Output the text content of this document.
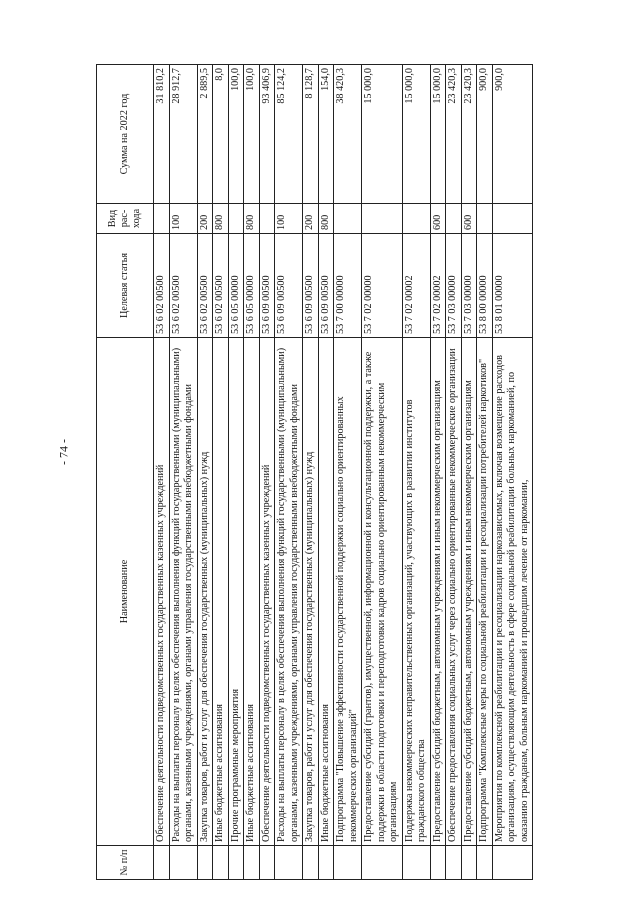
- 74 -
№ п/п	Наименование	Целевая статья	Вид рас-хода	Сумма на 2022 год
	Обеспечение деятельности подведомственных государственных казенных учреждений	53 6 02 00500		31 810,2
	Расходы на выплаты персоналу в целях обеспечения выполнения функций государственными (муниципальными) органами, казенными учреждениями, органами управления государственными внебюджетными фондами	53 6 02 00500	100	28 912,7
	Закупка товаров, работ и услуг для обеспечения государственных (муниципальных) нужд	53 6 02 00500	200	2 889,5
	Иные бюджетные ассигнования	53 6 02 00500	800	8,0
	Прочие программные мероприятия	53 6 05 00000		100,0
	Иные бюджетные ассигнования	53 6 05 00000	800	100,0
	Обеспечение деятельности подведомственных государственных казенных учреждений	53 6 09 00500		93 406,9
	Расходы на выплаты персоналу в целях обеспечения выполнения функций государственными (муниципальными) органами, казенными учреждениями, органами управления государственными внебюджетными фондами	53 6 09 00500	100	85 124,2
	Закупка товаров, работ и услуг для обеспечения государственных (муниципальных) нужд	53 6 09 00500	200	8 128,7
	Иные бюджетные ассигнования	53 6 09 00500	800	154,0
	Подпрограмма "Повышение эффективности государственной поддержки социально ориентированных некоммерческих организаций"	53 7 00 00000		38 420,3
	Предоставление субсидий (грантов), имущественной, информационной и консультационной поддержки, а также поддержки в области подготовки и переподготовки кадров социально ориентированным некоммерческим организациям	53 7 02 00000		15 000,0
	Поддержка некоммерческих неправительственных организаций, участвующих в развитии институтов гражданского общества	53 7 02 00002		15 000,0
	Предоставление субсидий бюджетным, автономным учреждениям и иным некоммерческим организациям	53 7 02 00002	600	15 000,0
	Обеспечение предоставления социальных услуг через социально ориентированные некоммерческие организации	53 7 03 00000		23 420,3
	Предоставление субсидий бюджетным, автономным учреждениям и иным некоммерческим организациям	53 7 03 00000	600	23 420,3
	Подпрограмма "Комплексные меры по социальной реабилитации и ресоциализации потребителей наркотиков"	53 8 00 00000		900,0
	Мероприятия по комплексной реабилитации и ресоциализации наркозависимых, включая возмещение расходов организациям, осуществляющим деятельность в сфере социальной реабилитации больных наркоманией, по оказанию гражданам, больным наркоманией и прошедшим лечение от наркомании,	53 8 01 00000		900,0
